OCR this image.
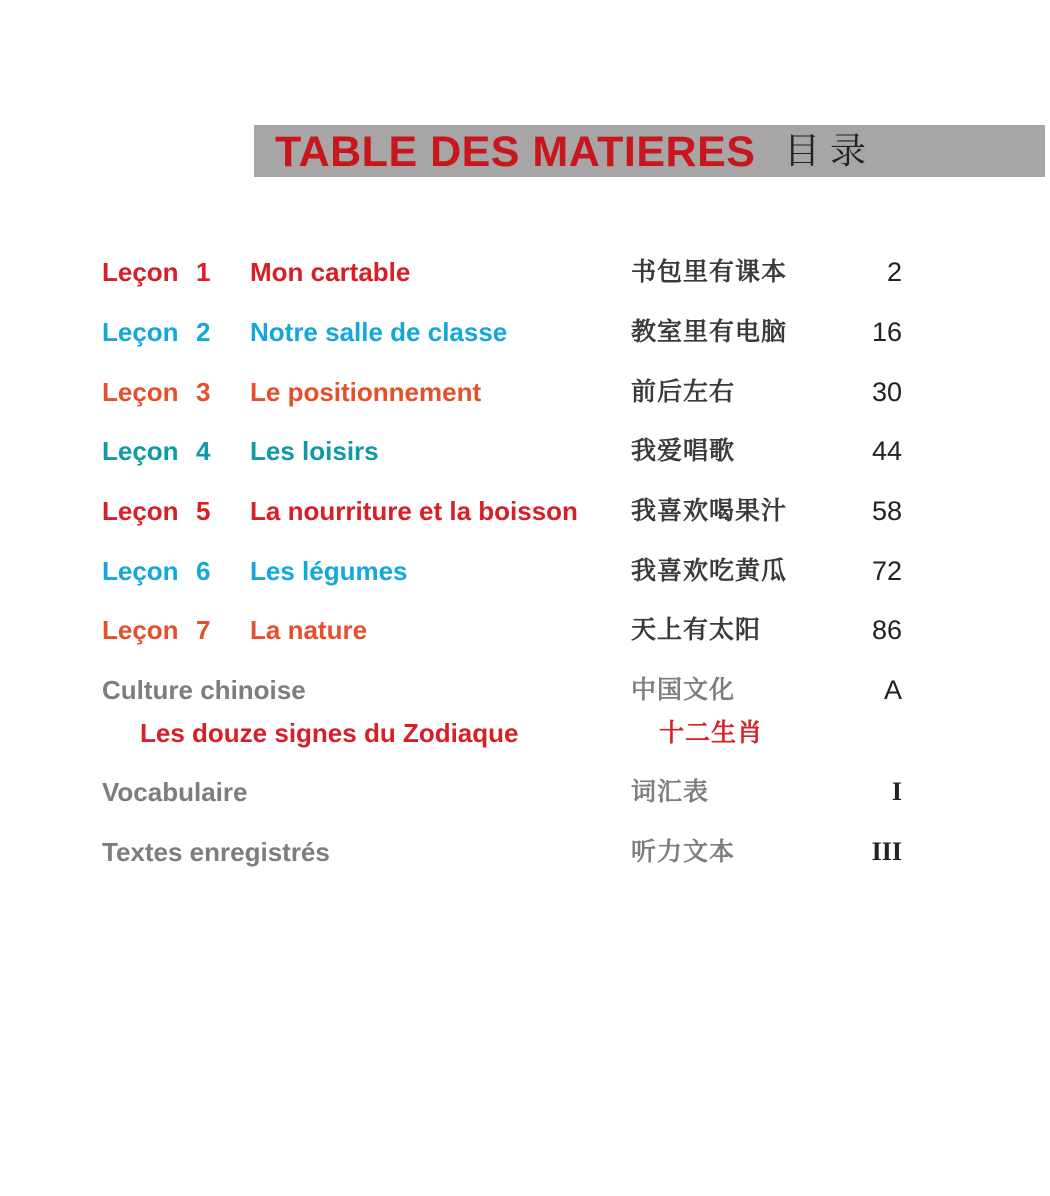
TABLE DES MATIERES 目录
Leçon 1 Mon cartable	书包里有课本	2
Leçon 2 Notre salle de classe	教室里有电脑	16
Leçon 3 Le positionnement	前后左右	30
Leçon 4 Les loisirs	我爱唱歌	44
Leçon 5 La nourriture et la boisson 我喜欢喝果汁	58
Leçon 6 Les légumes	我喜欢吃黄瓜	72
Leçon 7 La nature	天上有太阳	86
Culture chinoise	中国文化	A
Les douze signes du Zodiaque	十二生肖
Vocabulaire	词汇表	I
Textes enregistrés	听力文本	III
